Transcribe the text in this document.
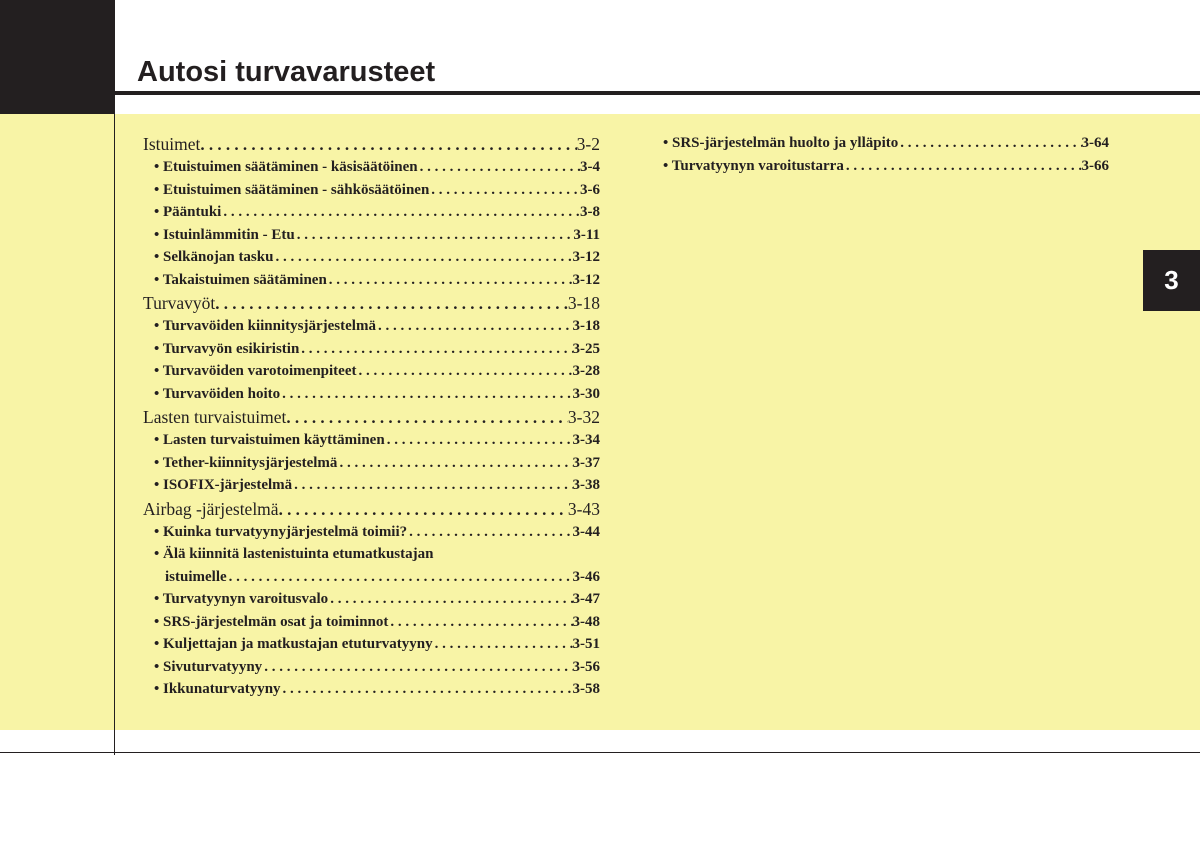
Autosi turvavarusteet
3
Istuimet . . .	3-2
• Etuistuimen säätäminen - käsisäätöinen . . .	3-4
• Etuistuimen säätäminen - sähkösäätöinen . . .	3-6
• Pääntuki . . .	3-8
• Istuinlämmitin - Etu . . .	3-11
• Selkänojan tasku . . .	3-12
• Takaistuimen säätäminen . . .	3-12
Turvavyöt . . .	3-18
• Turvavöiden kiinnitysjärjestelmä . . .	3-18
• Turvavyön esikiristin . . .	3-25
• Turvavöiden varotoimenpiteet . . .	3-28
• Turvavöiden hoito . . .	3-30
Lasten turvaistuimet . . .	3-32
• Lasten turvaistuimen käyttäminen . . .	3-34
• Tether-kiinnitysjärjestelmä . . .	3-37
• ISOFIX-järjestelmä . . .	3-38
Airbag -järjestelmä . . .	3-43
• Kuinka turvatyynyjärjestelmä toimii? . . .	3-44
• Älä kiinnitä lastenistuinta etumatkustajan
istuimelle . . .	3-46
• Turvatyynyn varoitusvalo . . .	3-47
• SRS-järjestelmän osat ja toiminnot . . .	3-48
• Kuljettajan ja matkustajan etuturvatyyny . . .	3-51
• Sivuturvatyyny . . .	3-56
• Ikkunaturvatyyny . . .	3-58
• SRS-järjestelmän huolto ja ylläpito . . .	3-64
• Turvatyynyn varoitustarra . . .	3-66
